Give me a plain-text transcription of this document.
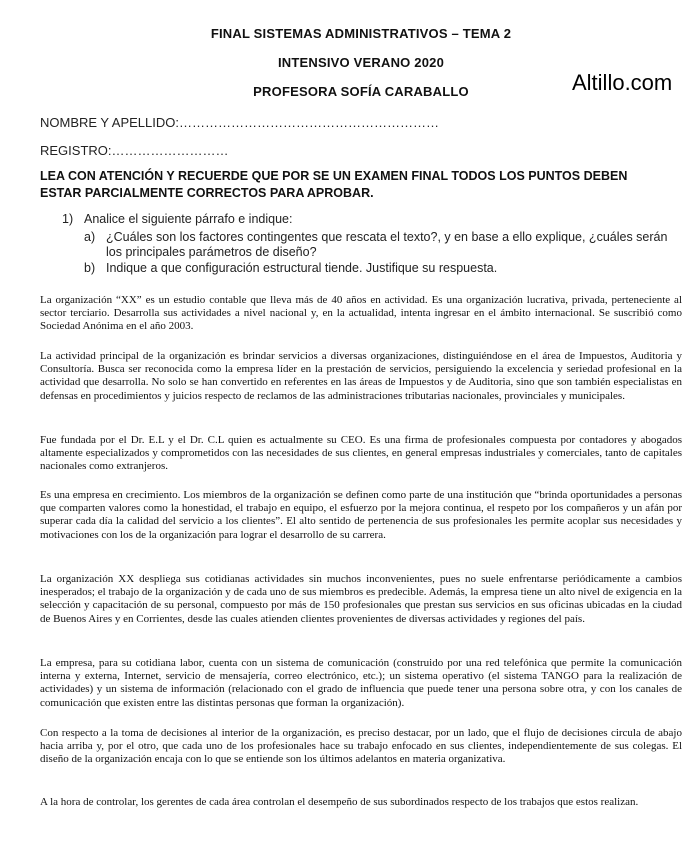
FINAL SISTEMAS ADMINISTRATIVOS – TEMA 2
INTENSIVO VERANO 2020
PROFESORA SOFÍA CARABALLO	Altillo.com
NOMBRE Y APELLIDO:……………………………………………………
REGISTRO:………………………
LEA CON ATENCIÓN Y RECUERDE QUE POR SE UN EXAMEN FINAL TODOS LOS PUNTOS DEBEN ESTAR PARCIALMENTE CORRECTOS PARA APROBAR.
1) Analice el siguiente párrafo e indique:
a) ¿Cuáles son los factores contingentes que rescata el texto?, y en base a ello explique, ¿cuáles serán los principales parámetros de diseño?
b) Indique a que configuración estructural tiende. Justifique su respuesta.

La organización “XX” es un estudio contable que lleva más de 40 años en actividad. Es una organización lucrativa, privada, perteneciente al sector terciario. Desarrolla sus actividades a nivel nacional y, en la actualidad, intenta ingresar en el ámbito internacional. Se suscribió como Sociedad Anónima en el año 2003.

La actividad principal de la organización es brindar servicios a diversas organizaciones, distinguiéndose en el área de Impuestos, Auditoria y Consultoría. Busca ser reconocida como la empresa líder en la prestación de servicios, persiguiendo la excelencia y seriedad profesional en la actividad que desarrolla. No solo se han convertido en referentes en las áreas de Impuestos y de Auditoria, sino que son también especialistas en defensas en procedimientos y juicios respecto de reclamos de las administraciones tributarias nacionales, provinciales y municipales.

Fue fundada por el Dr. E.L y el Dr. C.L quien es actualmente su CEO. Es una firma de profesionales compuesta por contadores y abogados altamente especializados y comprometidos con las necesidades de sus clientes, en general empresas industriales y comerciales, tanto de capitales nacionales como extranjeros.

Es una empresa en crecimiento. Los miembros de la organización se definen como parte de una institución que “brinda oportunidades a personas que comparten valores como la honestidad, el trabajo en equipo, el esfuerzo por la mejora continua, el respeto por los compañeros y un afán por superar cada día la calidad del servicio a los clientes”. El alto sentido de pertenencia de sus profesionales les permite acoplar sus necesidades y motivaciones con los de la organización para lograr el desarrollo de su carrera.

La organización XX despliega sus cotidianas actividades sin muchos inconvenientes, pues no suele enfrentarse periódicamente a cambios inesperados; el trabajo de la organización y de cada uno de sus miembros es predecible. Además, la empresa tiene un alto nivel de exigencia en la selección y capacitación de su personal, compuesto por más de 150 profesionales que prestan sus servicios en sus oficinas ubicadas en la ciudad de Buenos Aires y en Corrientes, desde las cuales atienden clientes provenientes de diversas actividades y regiones del país.

La empresa, para su cotidiana labor, cuenta con un sistema de comunicación (construido por una red telefónica que permite la comunicación interna y externa, Internet, servicio de mensajería, correo electrónico, etc.); un sistema operativo (el sistema TANGO para la realización de actividades) y un sistema de información (relacionado con el grado de influencia que puede tener una persona sobre otra, y con los canales de comunicación que existen entre las distintas personas que forman la organización).

Con respecto a la toma de decisiones al interior de la organización, es preciso destacar, por un lado, que el flujo de decisiones circula de abajo hacia arriba y, por el otro, que cada uno de los profesionales hace su trabajo enfocado en sus clientes, independientemente de sus colegas. El diseño de la organización encaja con lo que se entiende son los últimos adelantos en materia organizativa.

A la hora de controlar, los gerentes de cada área controlan el desempeño de sus subordinados respecto de los trabajos que estos realizan.
